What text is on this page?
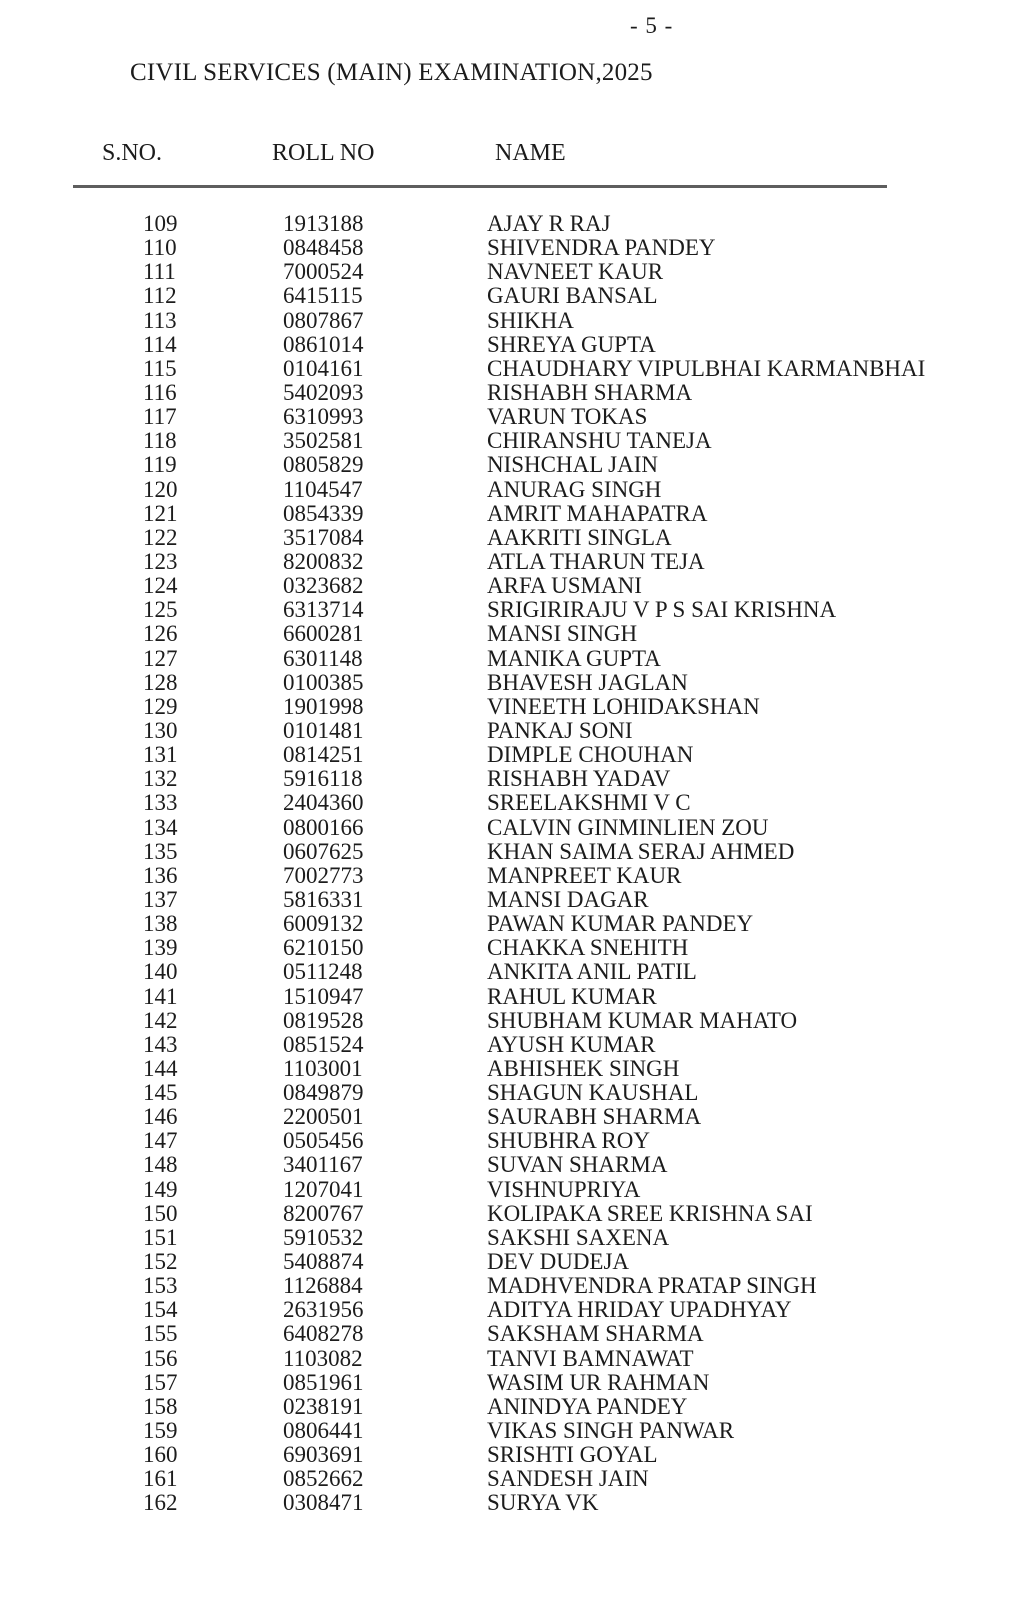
- 5 -
CIVIL SERVICES (MAIN) EXAMINATION,2025
S.NO.	ROLL NO	NAME
109	1913188	AJAY R RAJ
110	0848458	SHIVENDRA PANDEY
111	7000524	NAVNEET KAUR
112	6415115	GAURI BANSAL
113	0807867	SHIKHA
114	0861014	SHREYA GUPTA
115	0104161	CHAUDHARY VIPULBHAI KARMANBHAI
116	5402093	RISHABH SHARMA
117	6310993	VARUN TOKAS
118	3502581	CHIRANSHU TANEJA
119	0805829	NISHCHAL JAIN
120	1104547	ANURAG SINGH
121	0854339	AMRIT MAHAPATRA
122	3517084	AAKRITI SINGLA
123	8200832	ATLA THARUN TEJA
124	0323682	ARFA USMANI
125	6313714	SRIGIRIRAJU V P S SAI KRISHNA
126	6600281	MANSI SINGH
127	6301148	MANIKA GUPTA
128	0100385	BHAVESH JAGLAN
129	1901998	VINEETH LOHIDAKSHAN
130	0101481	PANKAJ SONI
131	0814251	DIMPLE CHOUHAN
132	5916118	RISHABH YADAV
133	2404360	SREELAKSHMI V C
134	0800166	CALVIN GINMINLIEN ZOU
135	0607625	KHAN SAIMA SERAJ AHMED
136	7002773	MANPREET KAUR
137	5816331	MANSI DAGAR
138	6009132	PAWAN KUMAR PANDEY
139	6210150	CHAKKA SNEHITH
140	0511248	ANKITA ANIL PATIL
141	1510947	RAHUL KUMAR
142	0819528	SHUBHAM KUMAR MAHATO
143	0851524	AYUSH KUMAR
144	1103001	ABHISHEK SINGH
145	0849879	SHAGUN KAUSHAL
146	2200501	SAURABH SHARMA
147	0505456	SHUBHRA ROY
148	3401167	SUVAN SHARMA
149	1207041	VISHNUPRIYA
150	8200767	KOLIPAKA SREE KRISHNA SAI
151	5910532	SAKSHI SAXENA
152	5408874	DEV DUDEJA
153	1126884	MADHVENDRA PRATAP SINGH
154	2631956	ADITYA HRIDAY UPADHYAY
155	6408278	SAKSHAM SHARMA
156	1103082	TANVI BAMNAWAT
157	0851961	WASIM UR RAHMAN
158	0238191	ANINDYA PANDEY
159	0806441	VIKAS SINGH PANWAR
160	6903691	SRISHTI GOYAL
161	0852662	SANDESH JAIN
162	0308471	SURYA VK
